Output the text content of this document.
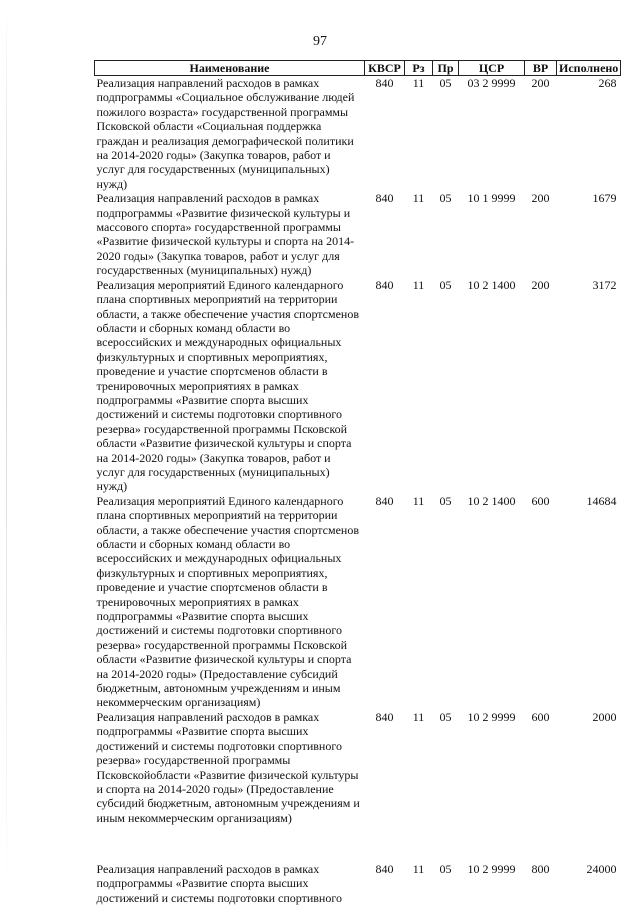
97
Наименование	КВСР	Рз	Пр	ЦСР	ВР	Исполнено
Реализация направлений расходов в рамках подпрограммы «Социальное обслуживание людей пожилого возраста» государственной программы Псковской области «Социальная поддержка граждан и реализация демографической политики на 2014-2020 годы» (Закупка товаров, работ и услуг для государственных (муниципальных) нужд)	840	11	05	03 2 9999	200	268
Реализация направлений расходов в рамках подпрограммы «Развитие физической культуры и массового спорта» государственной программы «Развитие физической культуры и спорта на 2014-2020 годы» (Закупка товаров, работ и услуг для государственных (муниципальных) нужд)	840	11	05	10 1 9999	200	1679
Реализация мероприятий Единого календарного плана спортивных мероприятий на территории области, а также обеспечение участия спортсменов области и сборных команд области во всероссийских и международных официальных физкультурных и спортивных мероприятиях, проведение и участие спортсменов области в тренировочных мероприятиях в рамках подпрограммы «Развитие спорта высших достижений и системы подготовки спортивного резерва» государственной программы Псковской области «Развитие физической культуры и спорта на 2014-2020 годы» (Закупка товаров, работ и услуг для государственных (муниципальных) нужд)	840	11	05	10 2 1400	200	3172
Реализация мероприятий Единого календарного плана спортивных мероприятий на территории области, а также обеспечение участия спортсменов области и сборных команд области во всероссийских и международных официальных физкультурных и спортивных мероприятиях, проведение и участие спортсменов области в тренировочных мероприятиях в рамках подпрограммы «Развитие спорта высших достижений и системы подготовки спортивного резерва» государственной программы Псковской области «Развитие физической культуры и спорта на 2014-2020 годы» (Предоставление субсидий бюджетным, автономным учреждениям и иным некоммерческим организациям)	840	11	05	10 2 1400	600	14684
Реализация направлений расходов в рамках подпрограммы «Развитие спорта высших достижений и системы подготовки спортивного резерва» государственной программы Псковскойобласти «Развитие физической культуры и спорта на 2014-2020 годы» (Предоставление субсидий бюджетным, автономным учреждениям и иным некоммерческим организациям)	840	11	05	10 2 9999	600	2000
Реализация направлений расходов в рамках подпрограммы «Развитие спорта высших достижений и системы подготовки спортивного	840	11	05	10 2 9999	800	24000
